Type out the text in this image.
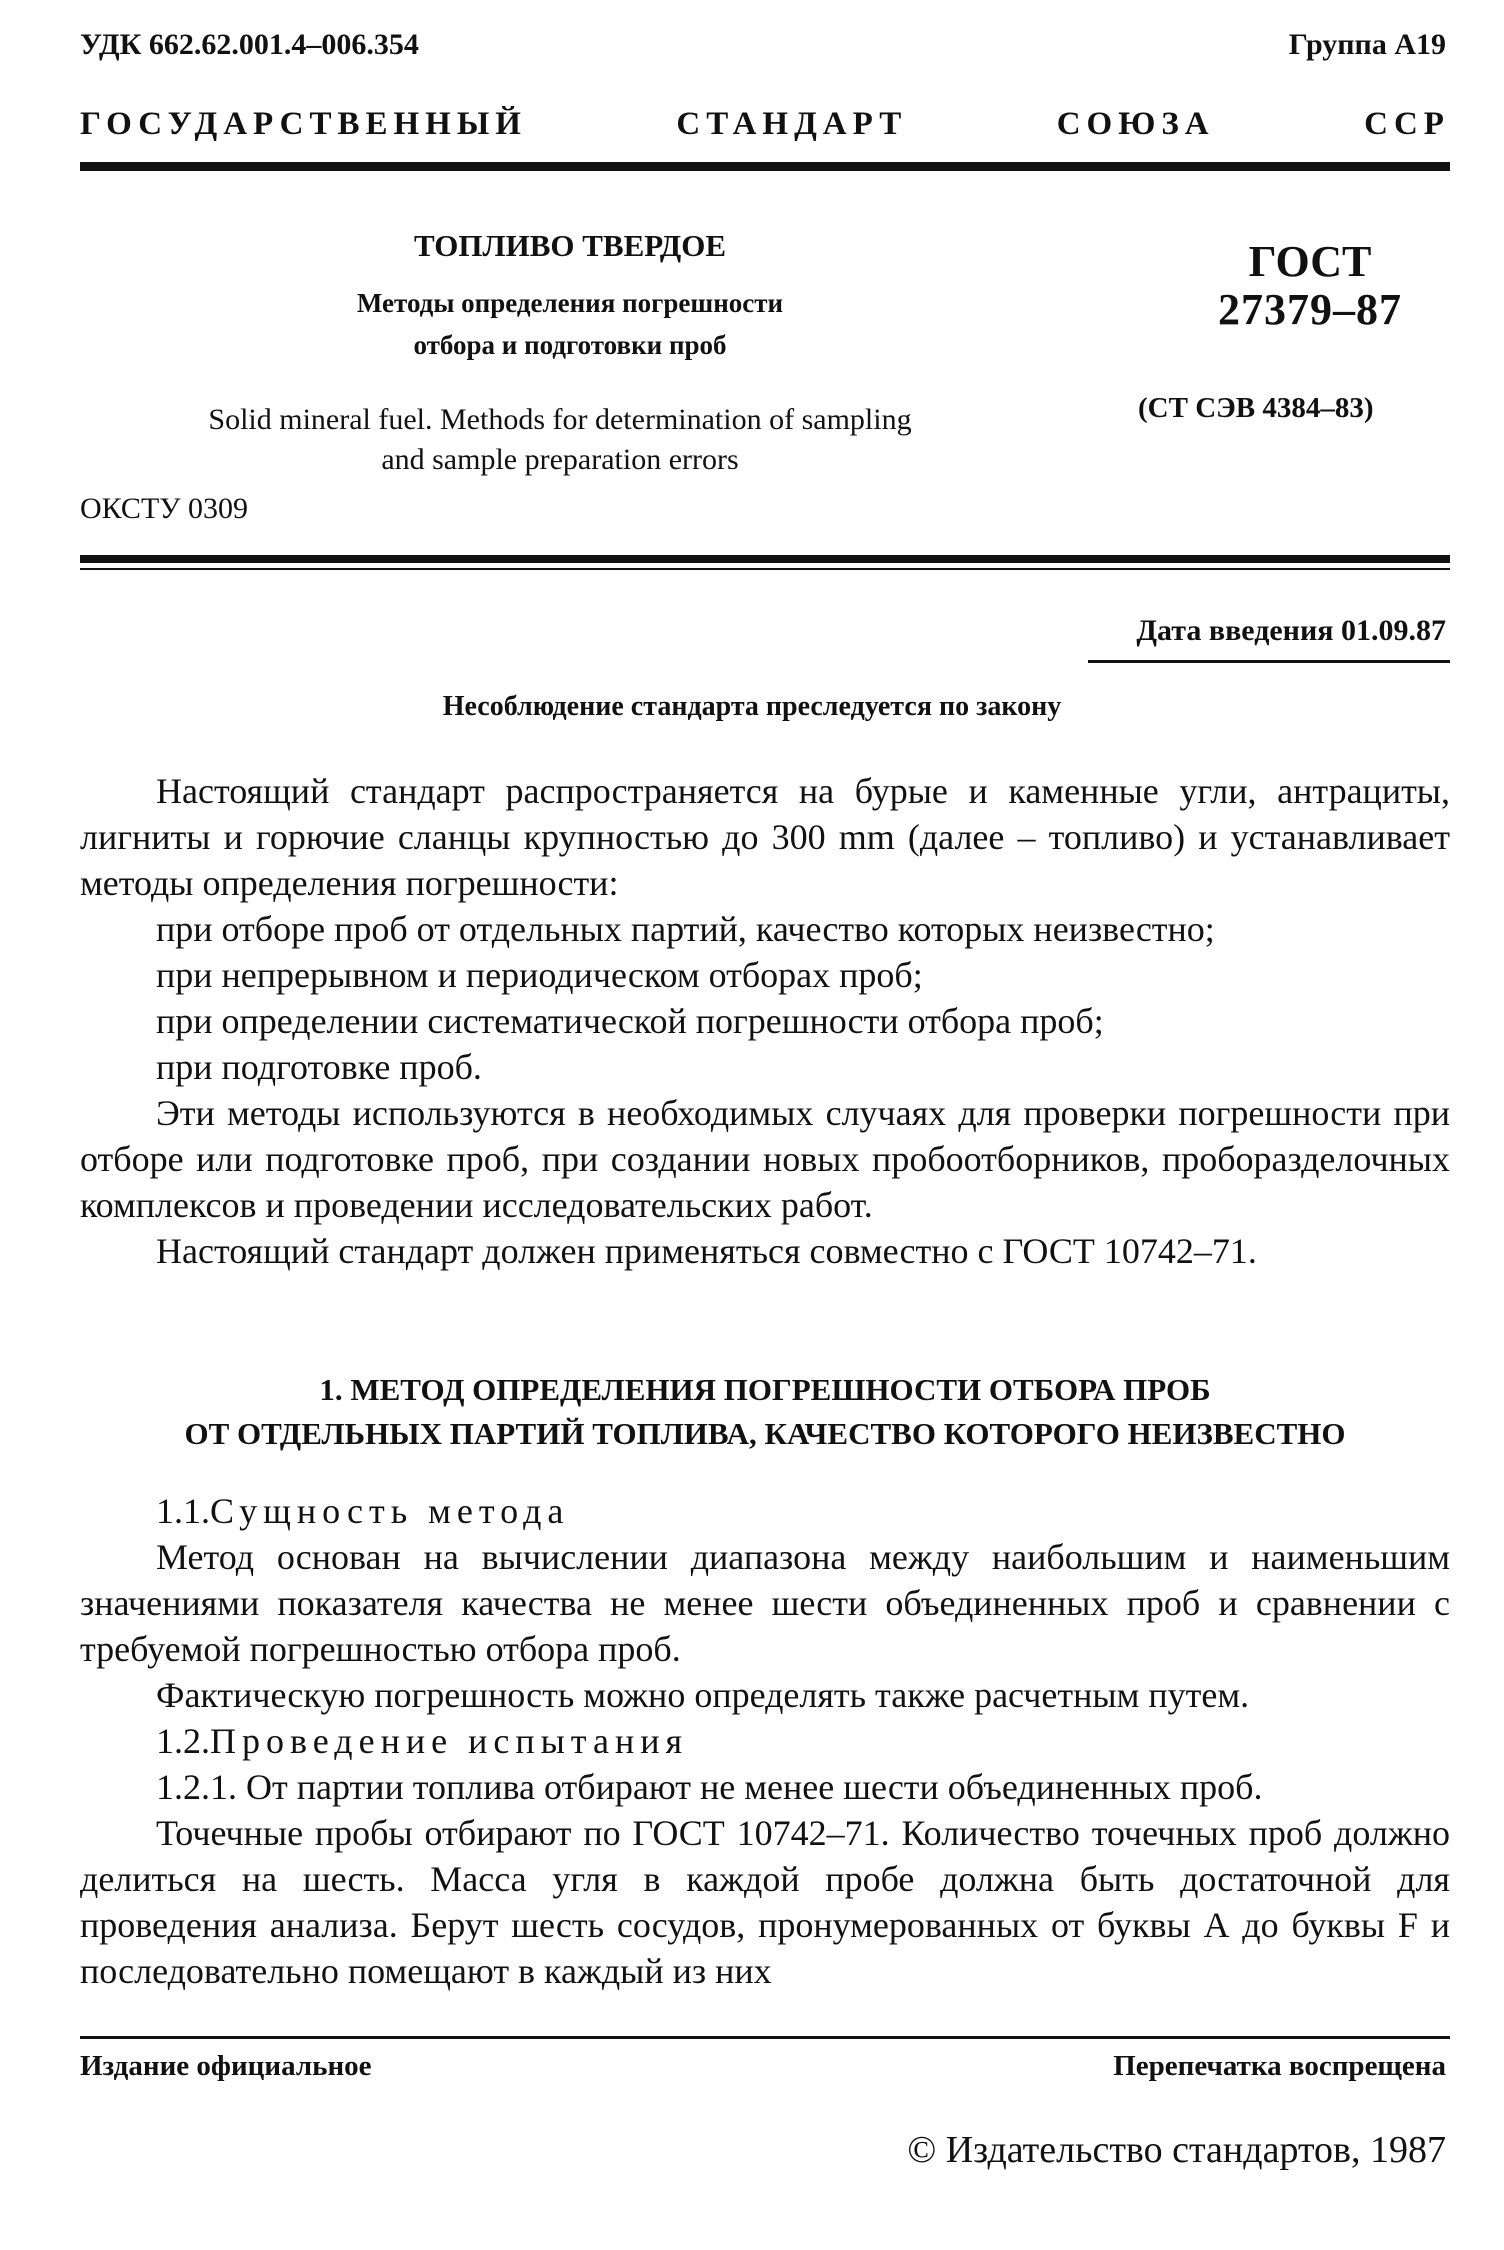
УДК 662.62.001.4–006.354	Группа А19
ГОСУДАРСТВЕННЫЙ	СТАНДАРТ	СОЮЗА	ССР
ТОПЛИВО ТВЕРДОЕ
Методы определения погрешности
отбора и подготовки проб
ГОСТ
27379–87
(СТ СЭВ 4384–83)
Solid mineral fuel. Methods for determination of sampling
and sample preparation errors
ОКСТУ 0309
Дата введения 01.09.87
Несоблюдение стандарта преследуется по закону

Настоящий стандарт распространяется на бурые и каменные угли, антрациты, лигниты и горючие сланцы крупностью до 300 mm (далее – топливо) и устанавливает методы определения погрешности:

при отборе проб от отдельных партий, качество которых неизвестно;

при непрерывном и периодическом отборах проб;

при определении систематической погрешности отбора проб;

при подготовке проб.

Эти методы используются в необходимых случаях для проверки погрешности при отборе или подготовке проб, при создании новых пробоотборников, проборазделочных комплексов и проведении исследовательских работ.

Настоящий стандарт должен применяться совместно с ГОСТ 10742–71.

1. МЕТОД ОПРЕДЕЛЕНИЯ ПОГРЕШНОСТИ ОТБОРА ПРОБ
ОТ ОТДЕЛЬНЫХ ПАРТИЙ ТОПЛИВА, КАЧЕСТВО КОТОРОГО НЕИЗВЕСТНО

1.1.Сущность метода

Метод основан на вычислении диапазона между наибольшим и наименьшим значениями показателя качества не менее шести объединенных проб и сравнении с требуемой погрешностью отбора проб.

Фактическую погрешность можно определять также расчетным путем.

1.2.Проведение испытания

1.2.1. От партии топлива отбирают не менее шести объединенных проб.

Точечные пробы отбирают по ГОСТ 10742–71. Количество точечных проб должно делиться на шесть. Масса угля в каждой пробе должна быть достаточной для проведения анализа. Берут шесть сосудов, пронумерованных от буквы А до буквы F и последовательно помещают в каждый из них

Издание официальное	Перепечатка воспрещена
© Издательство стандартов, 1987
